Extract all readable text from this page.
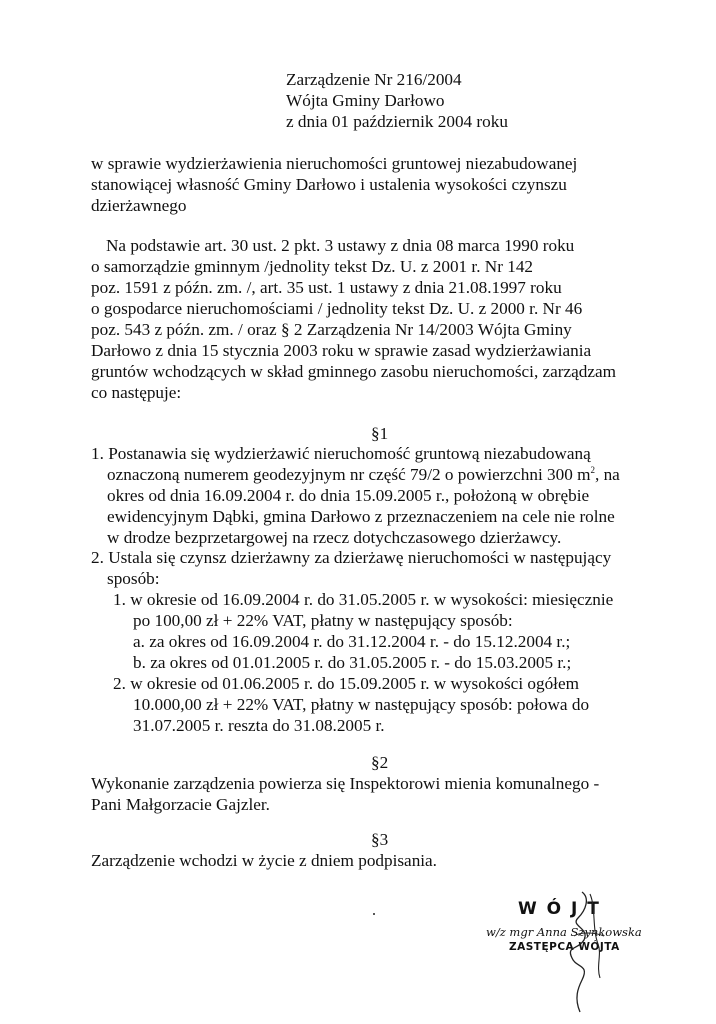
Zarządzenie Nr 216/2004
Wójta Gminy Darłowo
z dnia 01 październik 2004 roku
w sprawie wydzierżawienia nieruchomości gruntowej niezabudowanej
stanowiącej własność Gminy Darłowo i ustalenia wysokości czynszu
dzierżawnego
Na podstawie art. 30 ust. 2 pkt. 3 ustawy z dnia 08 marca 1990 roku
o samorządzie gminnym /jednolity tekst Dz. U. z 2001 r. Nr 142
poz. 1591 z późn. zm. /, art. 35 ust. 1 ustawy z dnia 21.08.1997 roku
o gospodarce nieruchomościami / jednolity tekst Dz. U. z 2000 r. Nr 46
poz. 543 z późn. zm. / oraz § 2 Zarządzenia Nr 14/2003 Wójta Gminy
Darłowo z dnia 15 stycznia 2003 roku w sprawie zasad wydzierżawiania
gruntów wchodzących w skład gminnego zasobu nieruchomości, zarządzam
co następuje:
§1
1. Postanawia się wydzierżawić nieruchomość gruntową niezabudowaną
oznaczoną numerem geodezyjnym nr część 79/2 o powierzchni 300 $m^2$, na
okres od dnia 16.09.2004 r. do dnia 15.09.2005 r., położoną w obrębie
ewidencyjnym Dąbki, gmina Darłowo z przeznaczeniem na cele nie rolne
w drodze bezprzetargowej na rzecz dotychczasowego dzierżawcy.
2. Ustala się czynsz dzierżawny za dzierżawę nieruchomości w następujący
sposób:
1. w okresie od 16.09.2004 r. do 31.05.2005 r. w wysokości: miesięcznie
po 100,00 zł + 22% VAT, płatny w następujący sposób:
a. za okres od 16.09.2004 r. do 31.12.2004 r. - do 15.12.2004 r.;
b. za okres od 01.01.2005 r. do 31.05.2005 r. - do 15.03.2005 r.;
2. w okresie od 01.06.2005 r. do 15.09.2005 r. w wysokości ogółem
10.000,00 zł + 22% VAT, płatny w następujący sposób: połowa do
31.07.2005 r. reszta do 31.08.2005 r.
§2
Wykonanie zarządzenia powierza się Inspektorowi mienia komunalnego -
Pani Małgorzacie Gajzler.
§3
Zarządzenie wchodzi w życie z dniem podpisania.
W Ó J T
w/z mgr Anna Szynkowska
ZASTĘPCA WÓJTA
